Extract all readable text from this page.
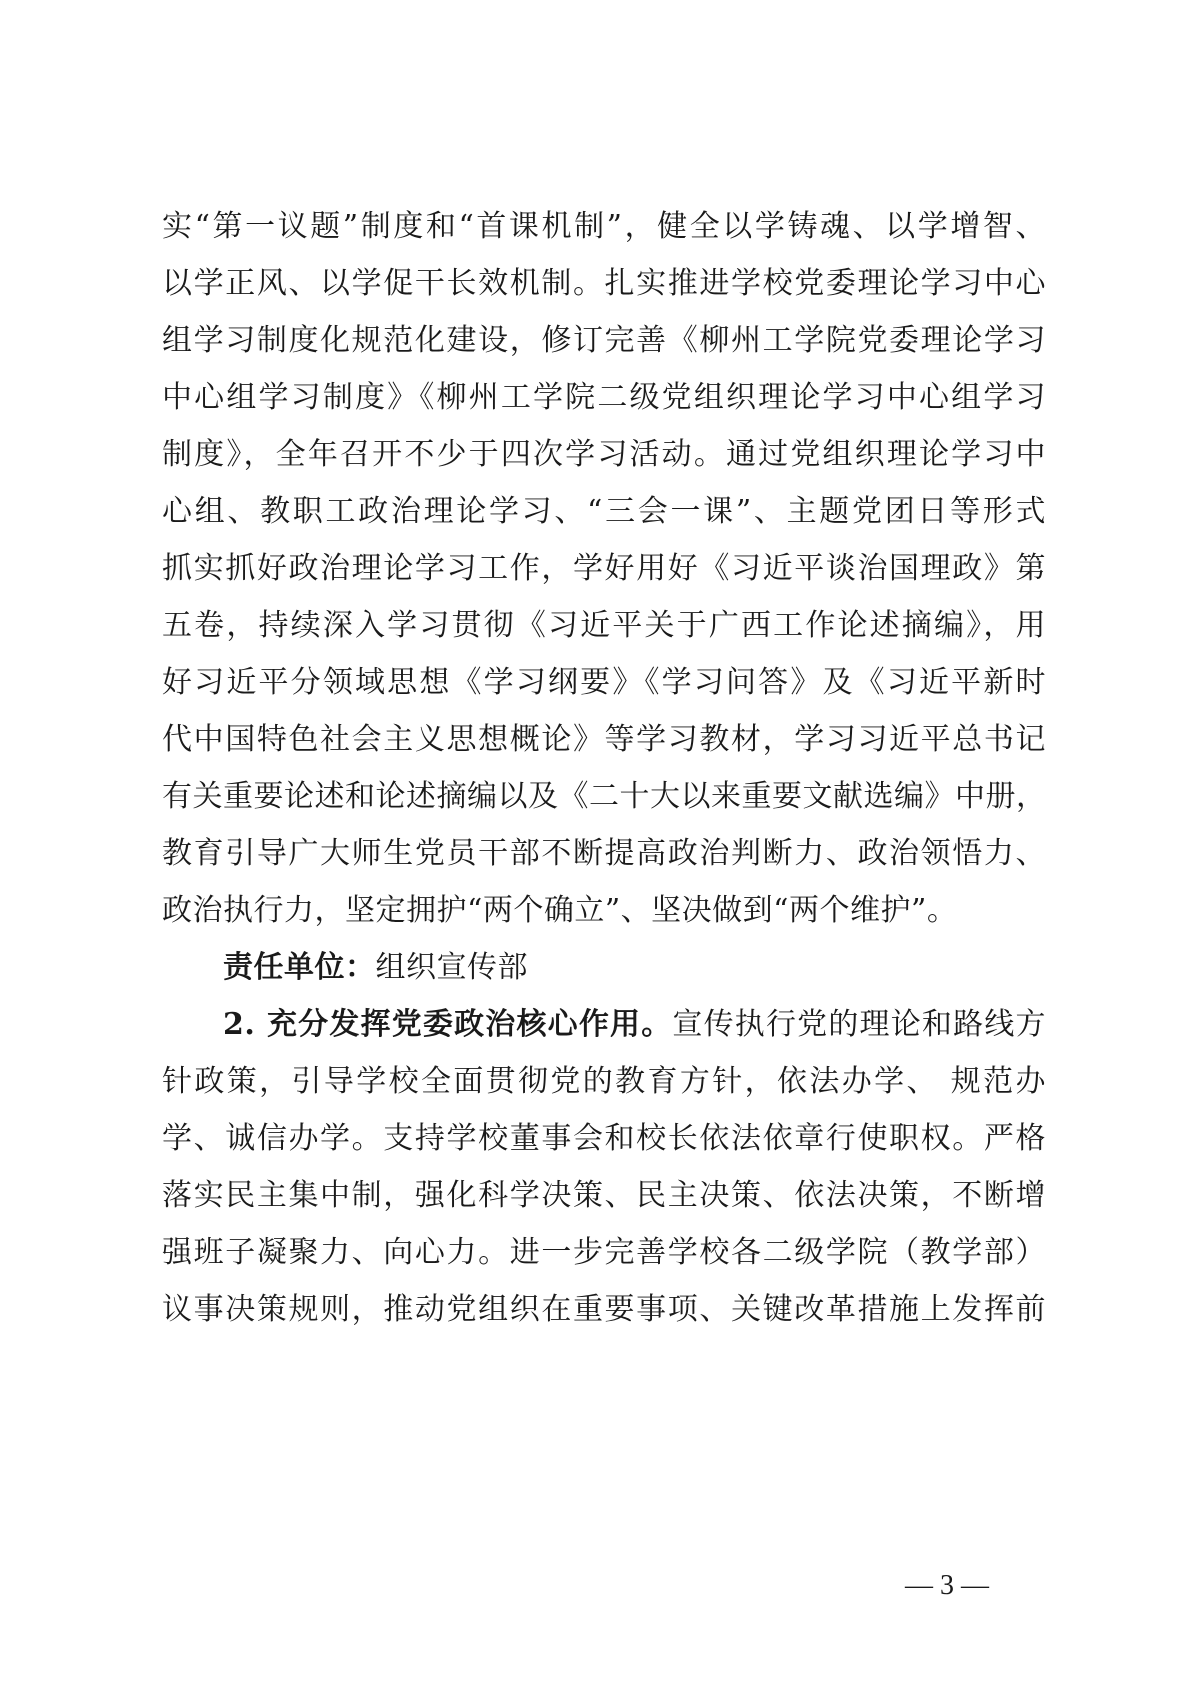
实“第一议题”制度和“首课机制”，健全以学铸魂、以学增智、
以学正风、以学促干长效机制。扎实推进学校党委理论学习中心
组学习制度化规范化建设，修订完善《柳州工学院党委理论学习
中心组学习制度》《柳州工学院二级党组织理论学习中心组学习
制度》，全年召开不少于四次学习活动。通过党组织理论学习中
心组、教职工政治理论学习、“三会一课”、主题党团日等形式
抓实抓好政治理论学习工作，学好用好《习近平谈治国理政》第
五卷，持续深入学习贯彻《习近平关于广西工作论述摘编》，用
好习近平分领域思想《学习纲要》《学习问答》及《习近平新时
代中国特色社会主义思想概论》等学习教材，学习习近平总书记
有关重要论述和论述摘编以及《二十大以来重要文献选编》中册，
教育引导广大师生党员干部不断提高政治判断力、政治领悟力、
政治执行力，坚定拥护“两个确立”、坚决做到“两个维护”。
责任单位：组织宣传部
2. 充分发挥党委政治核心作用。宣传执行党的理论和路线方
针政策，引导学校全面贯彻党的教育方针，依法办学、 规范办
学、诚信办学。支持学校董事会和校长依法依章行使职权。严格
落实民主集中制，强化科学决策、民主决策、依法决策，不断增
强班子凝聚力、向心力。进一步完善学校各二级学院（教学部）
议事决策规则，推动党组织在重要事项、关键改革措施上发挥前
— 3 —
